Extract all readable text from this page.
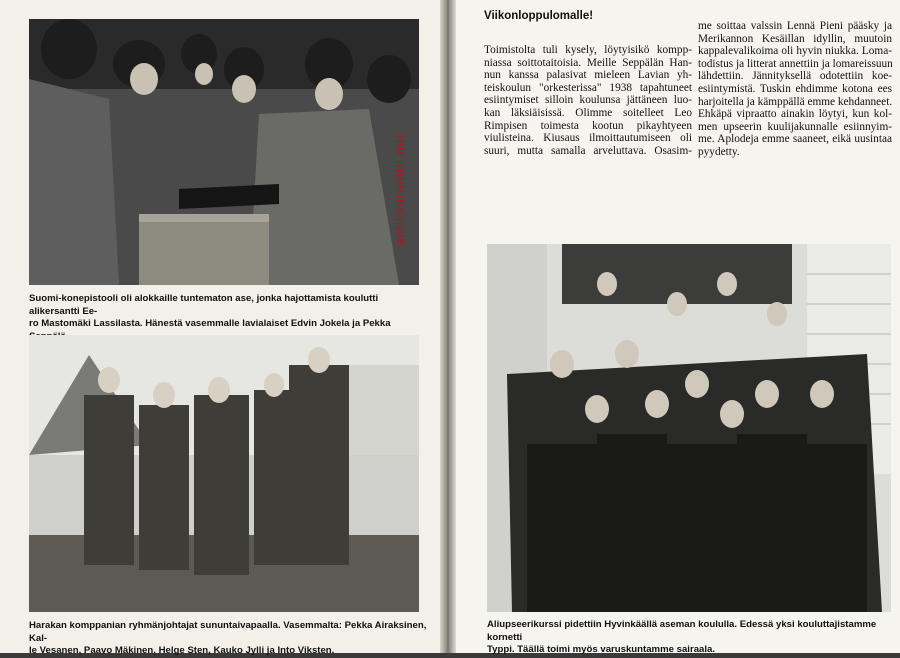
Suomi-konepistooli oli alokkaille tuntematon ase, jonka hajottamista koulutti alikersantti Ee-
ro Mastomäki Lassilasta. Hänestä vasemmalle lavialaiset Edvin Jokela ja Pekka
Harakan komppanian ryhmänjohtajat sununtaivapaalla. Vasemmalta: Pekka Airaksinen, Kal-
le Vesanen, Paavo Mäkinen, Helge Sten, Kauko Jylli ja Into Viksten.
Viikonloppulomalle!
Toimistolta tuli kysely, löytyisikö kompp-
niassa soittotaitoisia. Meille Seppälän Han-
nun kanssa palasivat mieleen Lavian yh-
teiskoulun "orkesterissa" 1938 tapahtuneet
esiintymiset silloin koulunsa jättäneen luo-
kan läksiäisissä. Olimme soitelleet Leo
Rimpisen toimesta kootun pikayhtyeen
viulisteina. Kiusaus ilmoittautumiseen oli
suuri, mutta samalla arveluttava. Osasim-
me soittaa valssin Lennä Pieni pääsky ja
Merikannon Kesäillan idyllin, muutoin
kappalevalikoima oli hyvin niukka. Loma-
todistus ja litterat annettiin ja lomareissuun
lähdettiin. Jännityksellä odotettiin koe-
esiintymistä. Tuskin ehdimme kotona ees
harjoitella ja kämppällä emme kehdanneet.
Ehkäpä vipraatto ainakin löytyi, kun kol-
men upseerin kuulijakunnalle esiinnyim-
me. Aplodeja emme saaneet, eikä uusintaa
pyydetty.
Aliupseerikurssi pidettiin Hyvinkäällä aseman koululla. Edessä yksi kouluttajistamme kornetti
Typpi. Täällä toimi myös varuskuntamme sairaala.
antikvariaatti.net
